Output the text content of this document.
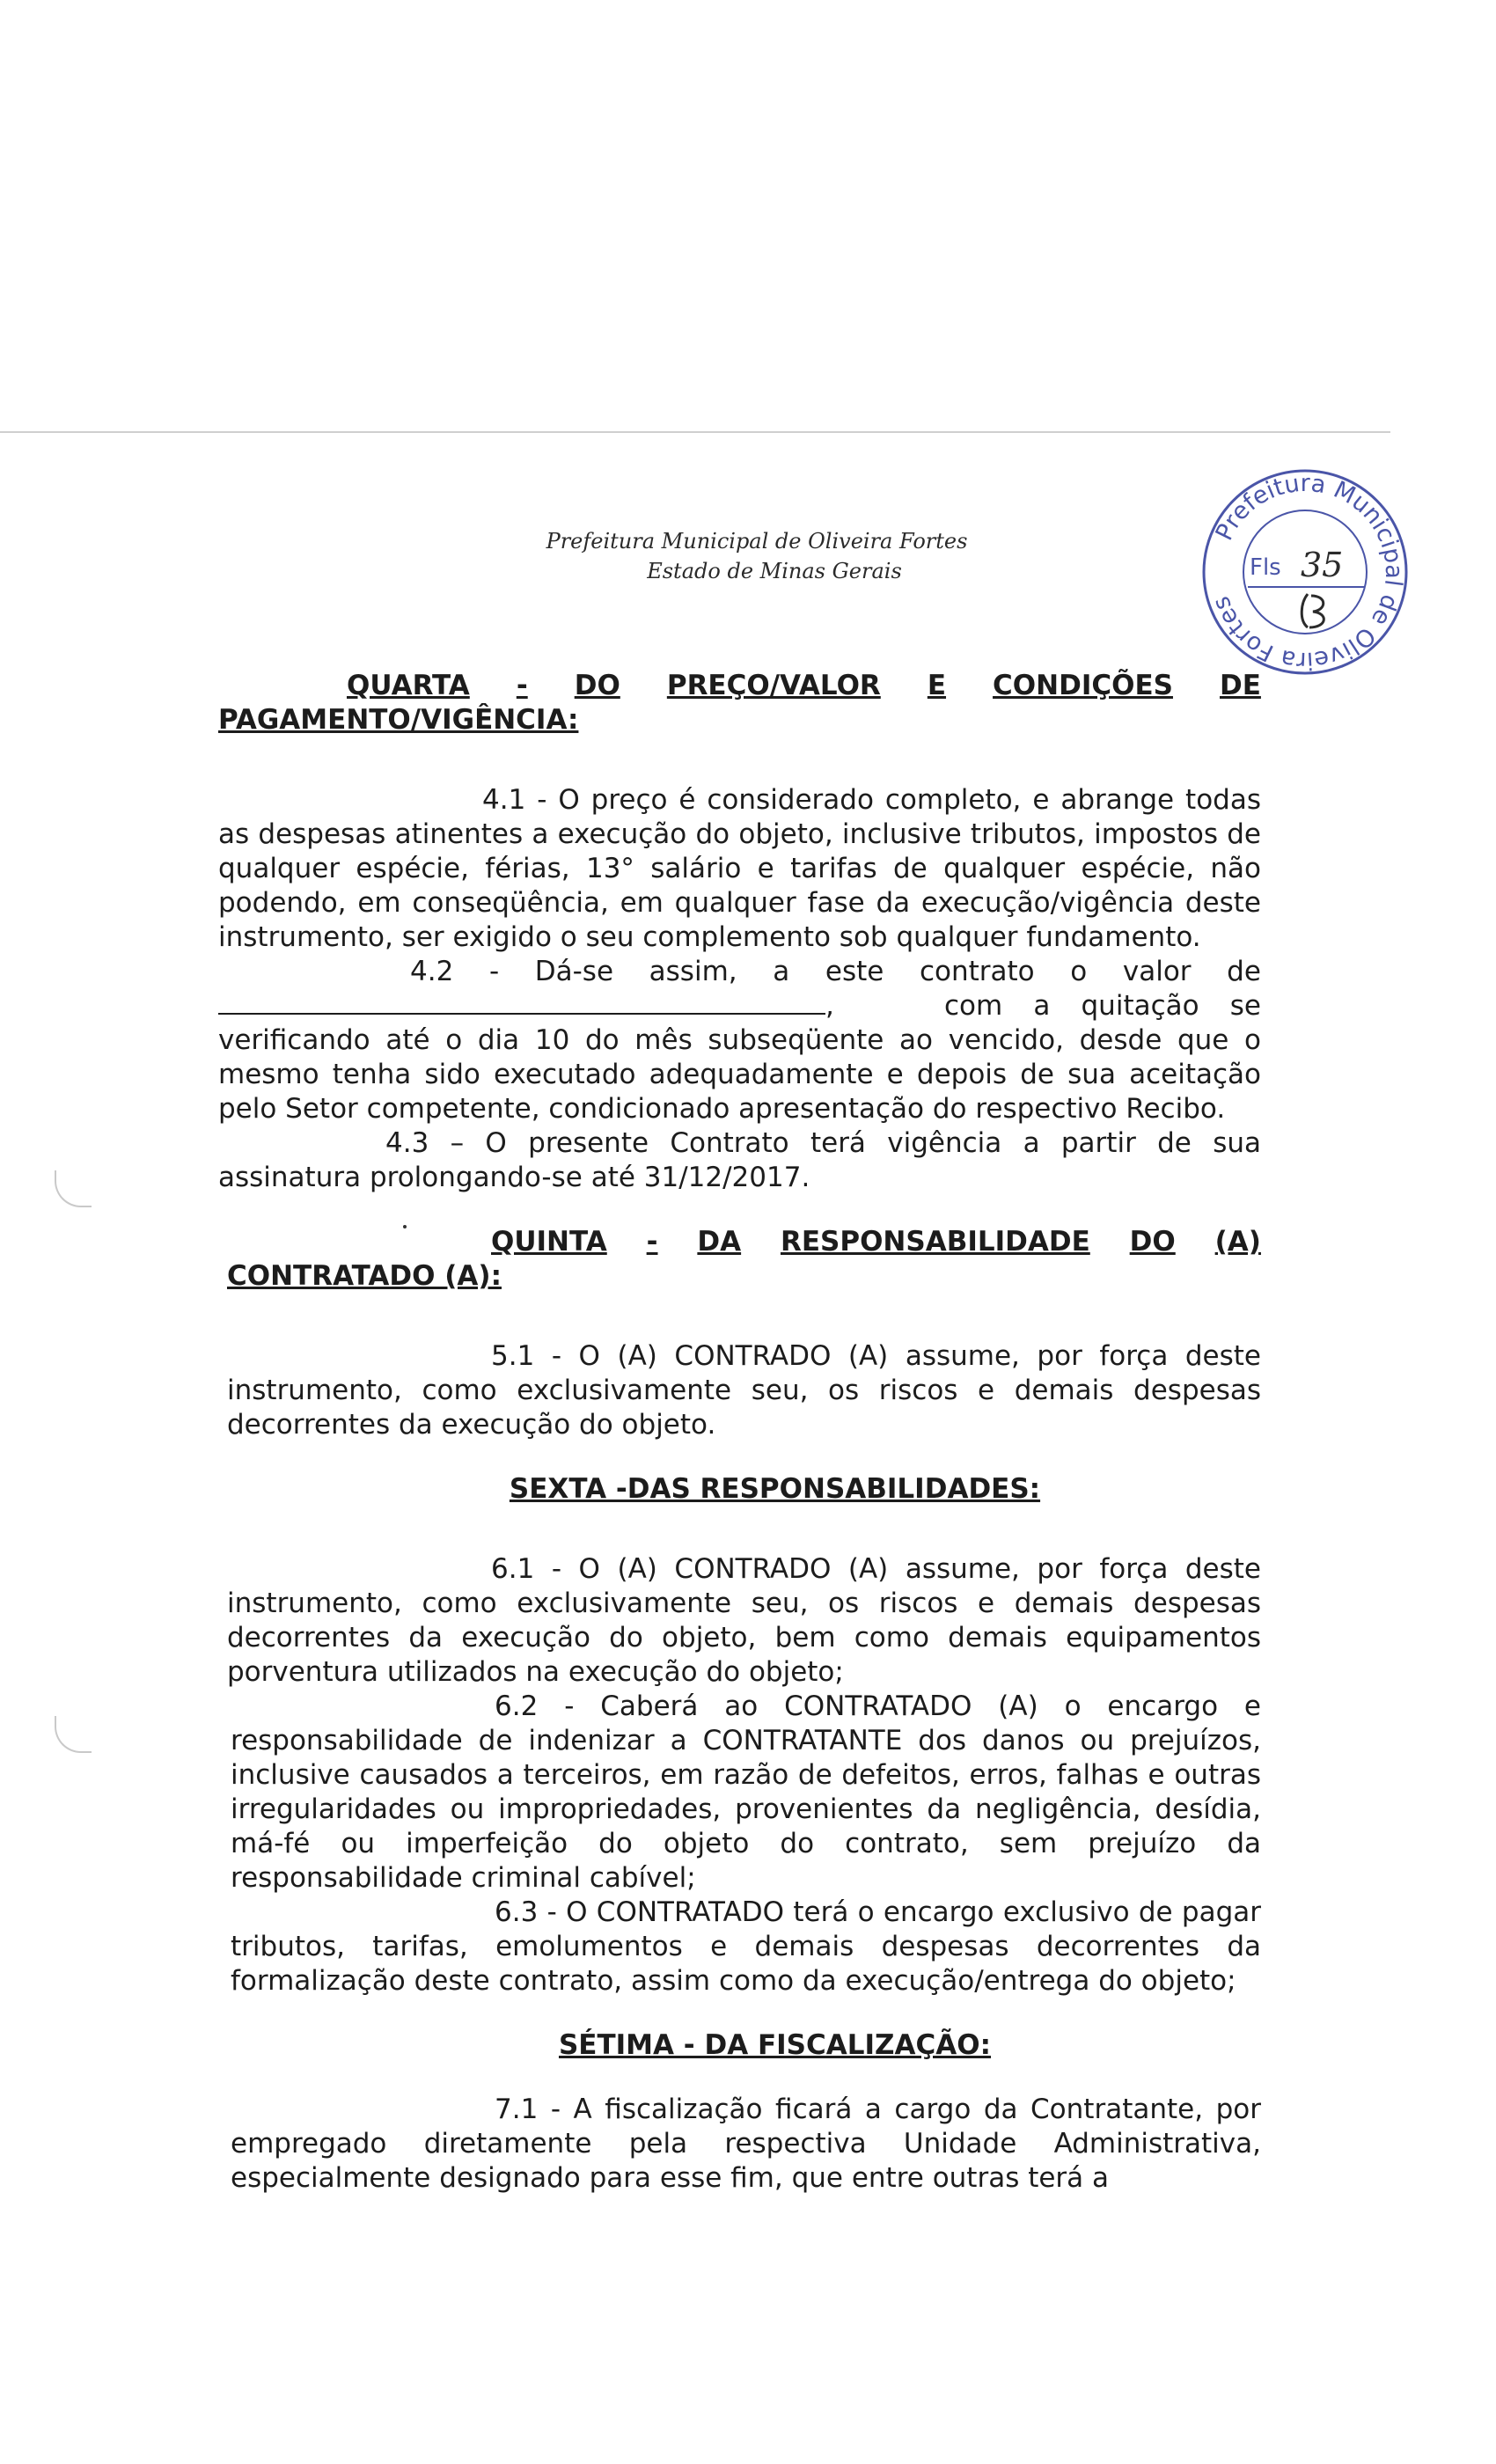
Prefeitura Municipal de Oliveira Fortes
Estado de Minas Gerais
Prefeitura Municipal de Oliveira Fortes
Fls 35
QUARTA - DO PREÇO/VALOR E CONDIÇÕES DE
PAGAMENTO/VIGÊNCIA:

4.1 - O preço é considerado completo, e abrange todas as despesas atinentes a execução do objeto, inclusive tributos, impostos de qualquer espécie, férias, 13° salário e tarifas de qualquer espécie, não podendo, em conseqüência, em qualquer fase da execução/vigência deste instrumento, ser exigido o seu complemento sob qualquer fundamento.

4.2 - Dá-se assim, a este contrato o valor de
,	com a quitação se

verificando até o dia 10 do mês subseqüente ao vencido, desde que o mesmo tenha sido executado adequadamente e depois de sua aceitação pelo Setor competente, condicionado apresentação do respectivo Recibo.

4.3 – O presente Contrato terá vigência a partir de sua assinatura prolongando-se até 31/12/2017.

QUINTA - DA RESPONSABILIDADE DO (A)
CONTRATADO (A):

5.1 - O (A) CONTRADO (A) assume, por força deste instrumento, como exclusivamente seu, os riscos e demais despesas decorrentes da execução do objeto.

SEXTA -DAS RESPONSABILIDADES:

6.1 - O (A) CONTRADO (A) assume, por força deste instrumento, como exclusivamente seu, os riscos e demais despesas decorrentes da execução do objeto, bem como demais equipamentos porventura utilizados na execução do objeto;

6.2 - Caberá ao CONTRATADO (A) o encargo e responsabilidade de indenizar a CONTRATANTE dos danos ou prejuízos, inclusive causados a terceiros, em razão de defeitos, erros, falhas e outras irregularidades ou impropriedades, provenientes da negligência, desídia, má-fé ou imperfeição do objeto do contrato, sem prejuízo da responsabilidade criminal cabível;

6.3 - O CONTRATADO terá o encargo exclusivo de pagar tributos, tarifas, emolumentos e demais despesas decorrentes da formalização deste contrato, assim como da execução/entrega do objeto;

SÉTIMA - DA FISCALIZAÇÃO:

7.1 - A fiscalização ficará a cargo da Contratante, por empregado diretamente pela respectiva Unidade Administrativa, especialmente designado para esse fim, que entre outras terá a
